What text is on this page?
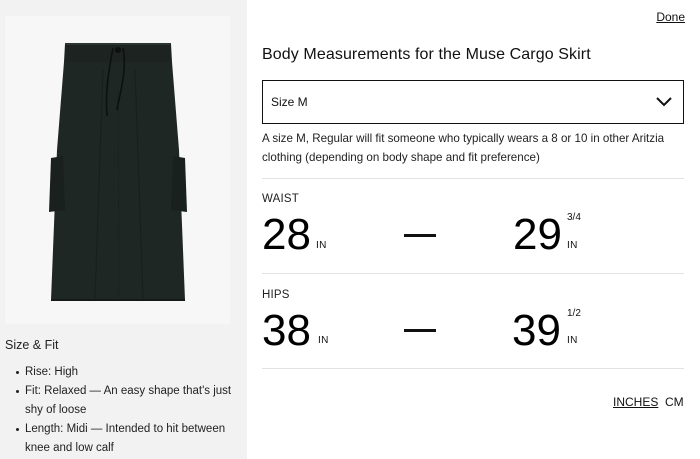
Size & Fit
Rise: High
Fit: Relaxed — An easy shape that's just shy of loose
Length: Midi — Intended to hit between knee and low calf
Done
Body Measurements for the Muse Cargo Skirt
Size M
A size M, Regular will fit someone who typically wears a 8 or 10 in other Aritzia clothing (depending on body shape and fit preference)
WAIST
28 IN	29 3/4
IN
HIPS
38 IN	39 1/2
IN
INCHES CM
